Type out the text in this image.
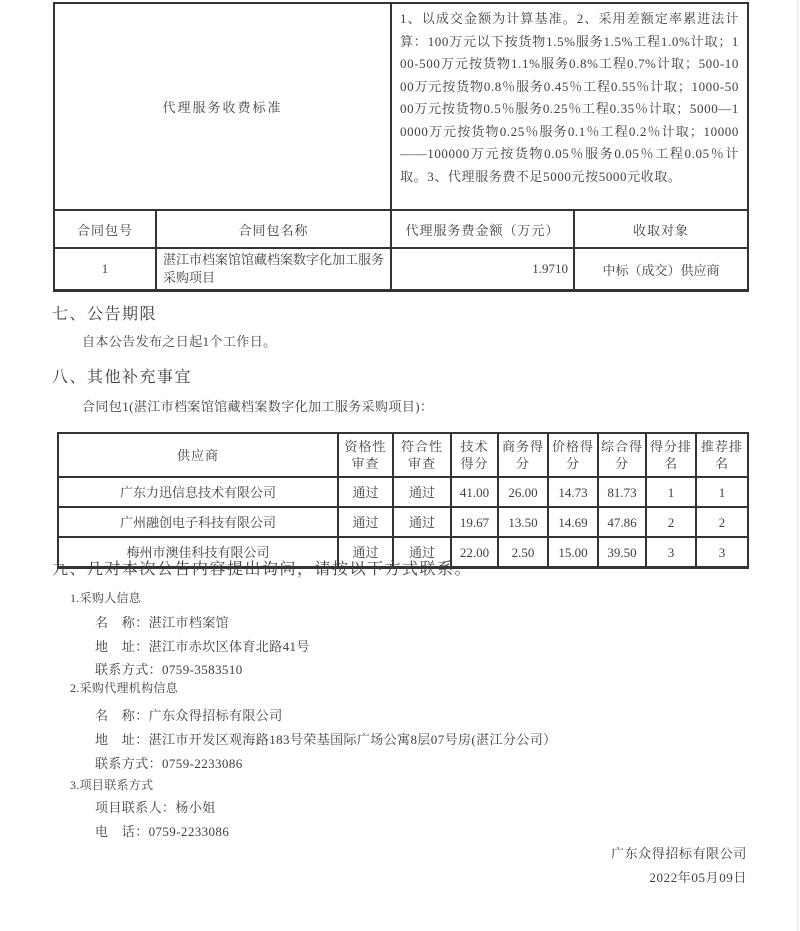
代理服务收费标准		1、以成交金额为计算基准。2、采用差额定率累进法计算：100万元以下按货物1.5%服务1.5%工程1.0%计取；100-500万元按货物1.1%服务0.8%工程0.7%计取；500-1000万元按货物0.8％服务0.45％工程0.55％计取；1000-5000万元按货物0.5％服务0.25％工程0.35％计取；5000—10000万元按货物0.25％服务0.1％工程0.2％计取；10000——100000万元按货物0.05％服务0.05％工程0.05％计取。3、代理服务费不足5000元按5000元收取。	
合同包号	合同包名称	代理服务费金额（万元）	收取对象
1	湛江市档案馆馆藏档案数字化加工服务采购项目	1.9710	中标（成交）供应商
七、公告期限
自本公告发布之日起1个工作日。
八、其他补充事宜
合同包1(湛江市档案馆馆藏档案数字化加工服务采购项目)：
供应商	资格性审查	符合性审查	技术得分	商务得分	价格得分	综合得分	得分排名	推荐排名
广东力迅信息技术有限公司	通过	通过	41.00	26.00	14.73	81.73	1	1
广州融创电子科技有限公司	通过	通过	19.67	13.50	14.69	47.86	2	2
梅州市澳佳科技有限公司	通过	通过	22.00	2.50	15.00	39.50	3	3
九、凡对本次公告内容提出询问，请按以下方式联系。
1.采购人信息
名　称：湛江市档案馆
地　址：湛江市赤坎区体育北路41号
联系方式：0759-3583510
2.采购代理机构信息
名　称：广东众得招标有限公司
地　址：湛江市开发区观海路183号荣基国际广场公寓8层07号房(湛江分公司）
联系方式：0759-2233086
3.项目联系方式
项目联系人：杨小姐
电　话：0759-2233086
广东众得招标有限公司
2022年05月09日
